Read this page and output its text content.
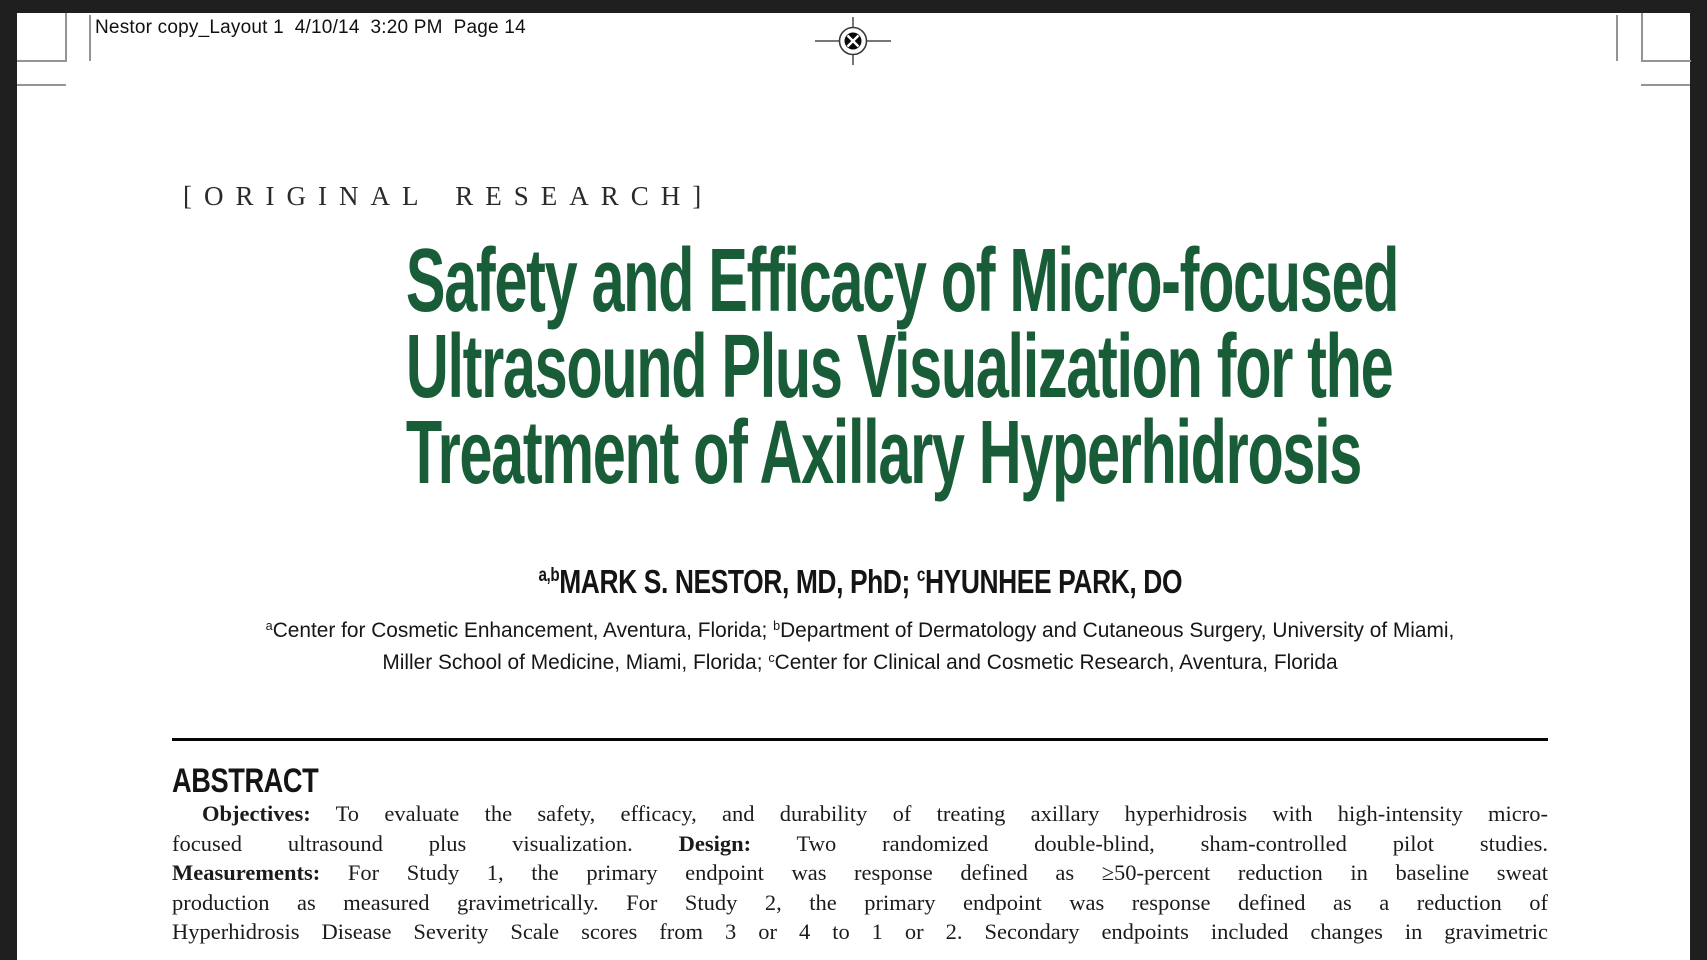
Nestor copy_Layout 1  4/10/14  3:20 PM  Page 14
[ORIGINAL RESEARCH]
Safety and Efficacy of Micro-focused
Ultrasound Plus Visualization for the
Treatment of Axillary Hyperhidrosis
$^{a,b}$MARK S. NESTOR, MD, PhD; $^c$HYUNHEE PARK, DO
$^a$Center for Cosmetic Enhancement, Aventura, Florida; $^b$Department of Dermatology and Cutaneous Surgery, University of Miami,
Miller School of Medicine, Miami, Florida; $^c$Center for Clinical and Cosmetic Research, Aventura, Florida
ABSTRACT
Objectives: To evaluate the safety, efficacy, and durability of treating axillary hyperhidrosis with high-intensity micro-
focused ultrasound plus visualization. Design: Two randomized double-blind, sham-controlled pilot studies.
Measurements: For Study 1, the primary endpoint was response defined as ≥50-percent reduction in baseline sweat
production as measured gravimetrically. For Study 2, the primary endpoint was response defined as a reduction of
Hyperhidrosis Disease Severity Scale scores from 3 or 4 to 1 or 2. Secondary endpoints included changes in gravimetric
